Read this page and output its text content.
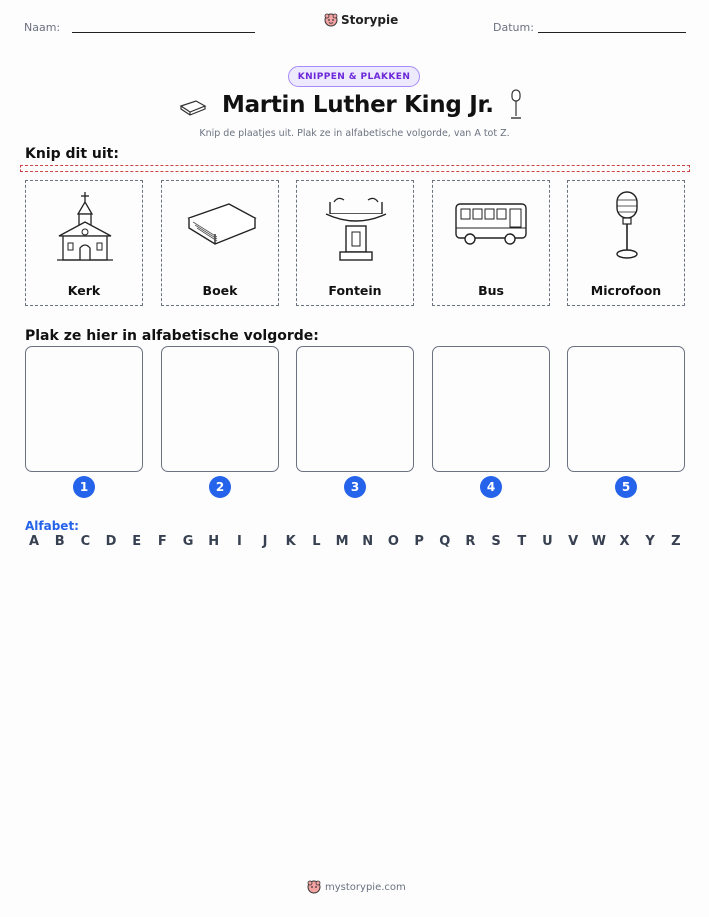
Naam:
Storypie
Datum:
KNIPPEN & PLAKKEN
Martin Luther King Jr.
Knip de plaatjes uit. Plak ze in alfabetische volgorde, van A tot Z.
Knip dit uit:
Kerk	Boek	Fontein	Bus	Microfoon
Plak ze hier in alfabetische volgorde:
1	2	3	4	5
Alfabet:
A	B	C	D	E	F	G H	I	J	K	L	M N O	P	Q	R	S	T	U	V	W	X	Y	Z
mystorypie.com
